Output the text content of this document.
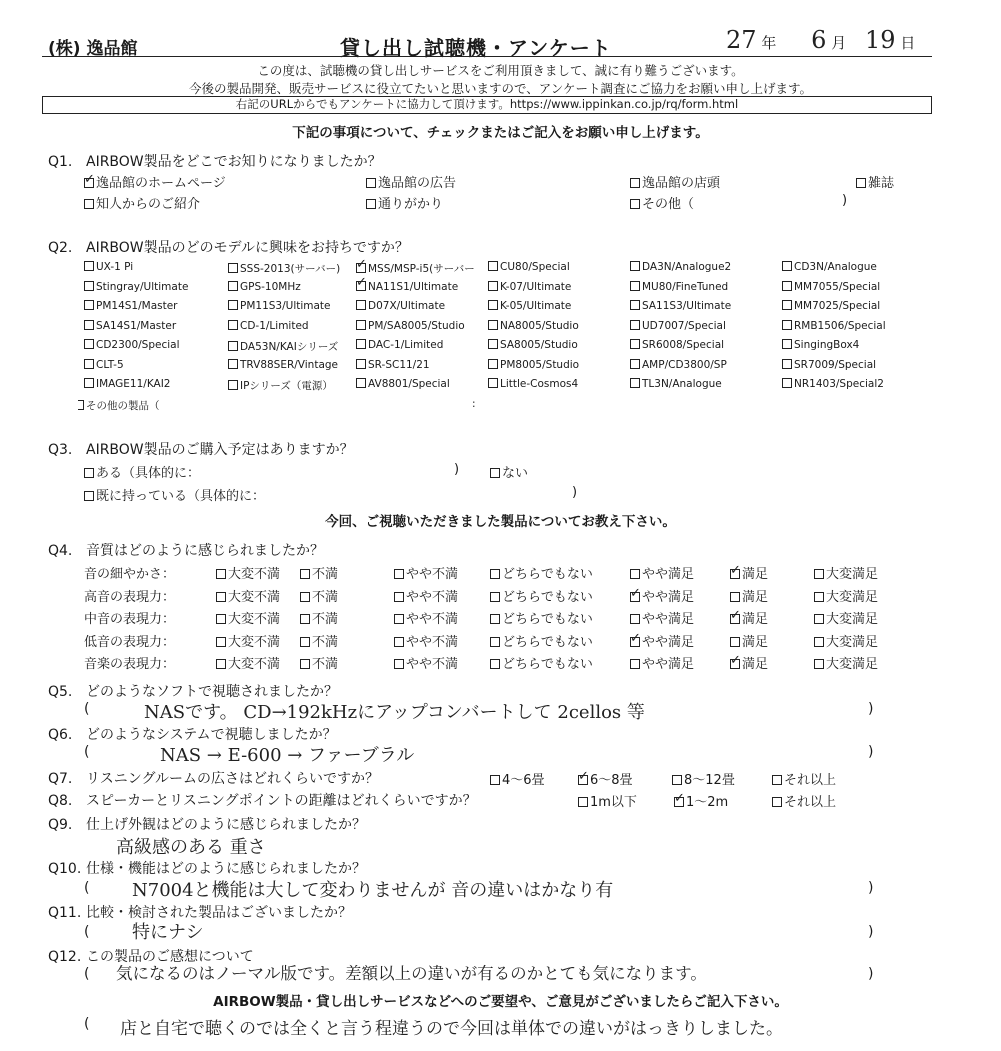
(株) 逸品館	貸し出し試聴機・アンケート	27 年 6 月 19 日
この度は、試聴機の貸し出しサービスをご利用頂きまして、誠に有り難うございます。
今後の製品開発、販売サービスに役立てたいと思いますので、アンケート調査にご協力をお願い申し上げます。
右記のURLからでもアンケートに協力して頂けます。https://www.ippinkan.co.jp/rq/form.html
下記の事項について、チェックまたはご記入をお願い申し上げます。
Q1. AIRBOW製品をどこでお知りになりましたか？
✓逸品館のホームページ	逸品館の広告	逸品館の店頭	雑誌
知人からのご紹介	通りがかり	その他（	)
Q2. AIRBOW製品のどのモデルに興味をお持ちですか？
UX-1 Pi	SSS-2013(サーバー) ✓	MSS/MSP-i5(サーバー	CU80/Special	DA3N/Analogue2	CD3N/Analogue
Stingray/Ultimate	GPS-10MHz ✓	NA11S1/Ultimate	K-07/Ultimate	MU80/FineTuned	MM7055/Special
PM14S1/Master	PM11S3/Ultimate	D07X/Ultimate	K-05/Ultimate	SA11S3/Ultimate	MM7025/Special
SA14S1/Master	CD-1/Limited	PM/SA8005/Studio	NA8005/Studio	UD7007/Special	RMB1506/Special
CD2300/Special	DA53N/KAIシリーズ	DAC-1/Limited	SA8005/Studio	SR6008/Special	SingingBox4
CLT-5	TRV88SER/Vintage	SR-SC11/21	PM8005/Studio	AMP/CD3800/SP	SR7009/Special
IMAGE11/KAI2	IPシリーズ（電源）	AV8801/Special	Little-Cosmos4	TL3N/Analogue	NR1403/Special2
その他の製品（	:
Q3. AIRBOW製品のご購入予定はありますか？
ある（具体的に：	)	ない
既に持っている（具体的に：	)
今回、ご視聴いただきました製品についてお教え下さい。
Q4. 音質はどのように感じられましたか？
音の細やかさ：	大変不満	不満	やや不満	どちらでもない	やや満足 ✓	満足	大変満足
高音の表現力：	大変不満	不満	やや不満	どちらでもない ✓	やや満足	満足	大変満足
中音の表現力：	大変不満	不満	やや不満	どちらでもない	やや満足 ✓	満足	大変満足
低音の表現力：	大変不満	不満	やや不満	どちらでもない ✓	やや満足	満足	大変満足
音楽の表現力：	大変不満	不満	やや不満	どちらでもない	やや満足 ✓	満足	大変満足
Q5. どのようなソフトで視聴されましたか？
(	NASです。 CD→192kHzにアップコンバートして 2cellos 等	)
Q6. どのようなシステムで視聴しましたか？
(	NAS → E-600 → ファーブラル	)
Q7. リスニングルームの広さはどれくらいですか？	4〜6畳 ✓	6〜8畳	8〜12畳	それ以上
Q8. スピーカーとリスニングポイントの距離はどれくらいですか？	1m以下 ✓	1〜2m	それ以上
Q9. 仕上げ外観はどのように感じられましたか？
高級感のある 重さ
Q10. 仕様・機能はどのように感じられましたか？
( N7004と機能は大して変わりませんが 音の違いはかなり有	)
Q11. 比較・検討された製品はございましたか？
( 特にナシ	)
Q12. この製品のご感想について
( 気になるのはノーマル版です。差額以上の違いが有るのかとても気になります。	)
AIRBOW製品・貸し出しサービスなどへのご要望や、ご意見がございましたらご記入下さい。
( 店と自宅で聴くのでは全くと言う程違うので今回は単体での違いがはっきりしました。
